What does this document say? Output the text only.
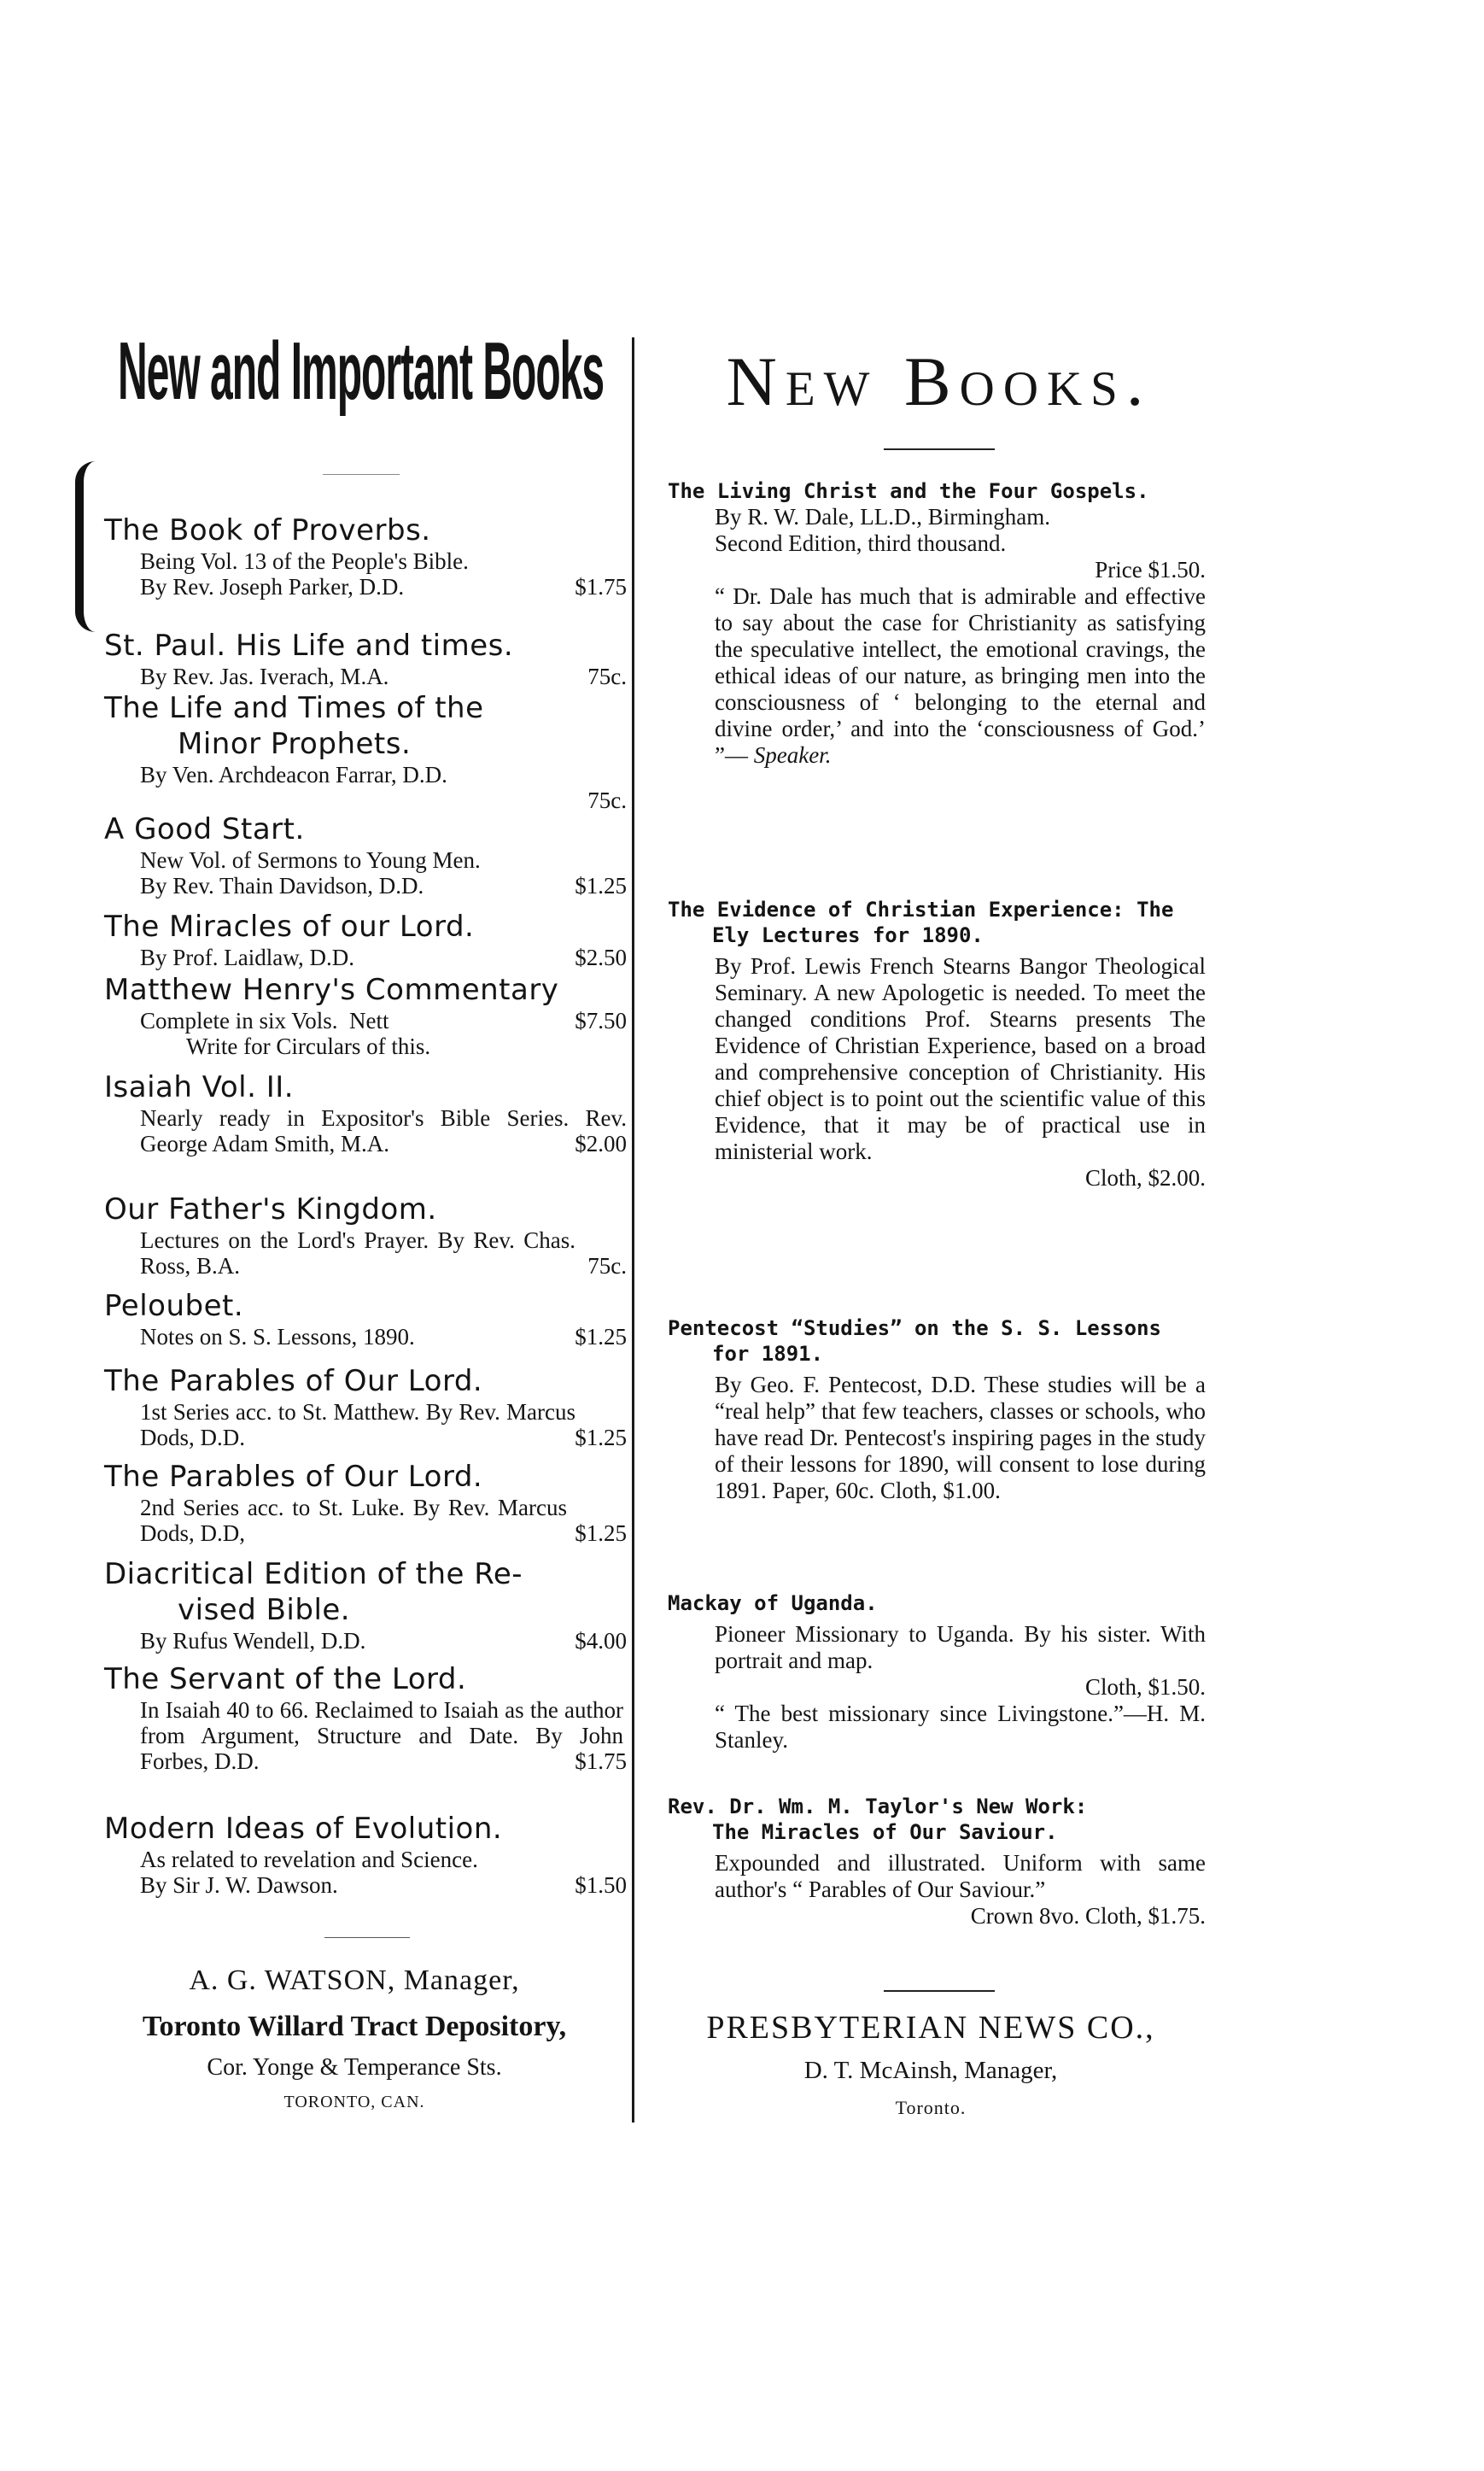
New and Important Books
The Book of Proverbs.
Being Vol. 13 of the People's Bible.
By Rev. Joseph Parker, D.D.	$1.75
St. Paul. His Life and times.
By Rev. Jas. Iverach, M.A.	75c.
The Life and Times of the
Minor Prophets.
By Ven. Archdeacon Farrar, D.D.
75c.

A Good Start.
New Vol. of Sermons to Young Men.
By Rev. Thain Davidson, D.D.	$1.25
The Miracles of our Lord.
By Prof. Laidlaw, D.D.	$2.50
Matthew Henry's Commentary
Complete in six Vols.  Nett	$7.50
Write for Circulars of this.
Isaiah Vol. II.
Nearly ready in Expositor's Bible Series. Rev. George Adam Smith, M.A.	$2.00

Our Father's Kingdom.
Lectures on the Lord's Prayer. By Rev. Chas. Ross, B.A.	75c.

Peloubet.
Notes on S. S. Lessons, 1890.	$1.25
The Parables of Our Lord.
1st Series acc. to St. Matthew. By Rev. Marcus Dods, D.D.	$1.25

The Parables of Our Lord.
2nd Series acc. to St. Luke. By Rev. Marcus Dods, D.D,	$1.25

Diacritical Edition of the Re-
vised Bible.
By Rufus Wendell, D.D.	$4.00
The Servant of the Lord.
In Isaiah 40 to 66. Reclaimed to Isaiah as the author from Argument, Structure and Date. By John Forbes, D.D.	$1.75

Modern Ideas of Evolution.
As related to revelation and Science.
By Sir J. W. Dawson.	$1.50
A. G. WATSON, Manager,
Toronto Willard Tract Depository,
Cor. Yonge & Temperance Sts.
TORONTO, CAN.
New Books.
The Living Christ and the Four Gospels.
By R. W. Dale, LL.D., Birmingham.
Second Edition, third thousand.
Price $1.50.
“ Dr. Dale has much that is admirable and effective to say about the case for Christianity as satisfying the speculative intellect, the emotional cravings, the ethical ideas of our nature, as bringing men into the consciousness of ‘ belonging to the eternal and divine order,’ and into the ‘consciousness of God.’ ”— Speaker.
The Evidence of Christian Experience: The
Ely Lectures for 1890.
By Prof. Lewis French Stearns Bangor Theological Seminary. A new Apologetic is needed. To meet the changed conditions Prof. Stearns presents The Evidence of Christian Experience, based on a broad and comprehensive conception of Christianity. His chief object is to point out the scientific value of this Evidence, that it may be of practical use in ministerial work.
Cloth, $2.00.
Pentecost “Studies” on the S. S. Lessons
for 1891.
By Geo. F. Pentecost, D.D. These studies will be a “real help” that few teachers, classes or schools, who have read Dr. Pentecost's inspiring pages in the study of their lessons for 1890, will consent to lose during 1891. Paper, 60c. Cloth, $1.00.
Mackay of Uganda.
Pioneer Missionary to Uganda. By his sister. With portrait and map.
Cloth, $1.50.
“ The best missionary since Livingstone.”—H. M. Stanley.
Rev. Dr. Wm. M. Taylor's New Work:
The Miracles of Our Saviour.
Expounded and illustrated. Uniform with same author's “ Parables of Our Saviour.”
Crown 8vo. Cloth, $1.75.
PRESBYTERIAN NEWS CO.,
D. T. McAinsh, Manager,
Toronto.
